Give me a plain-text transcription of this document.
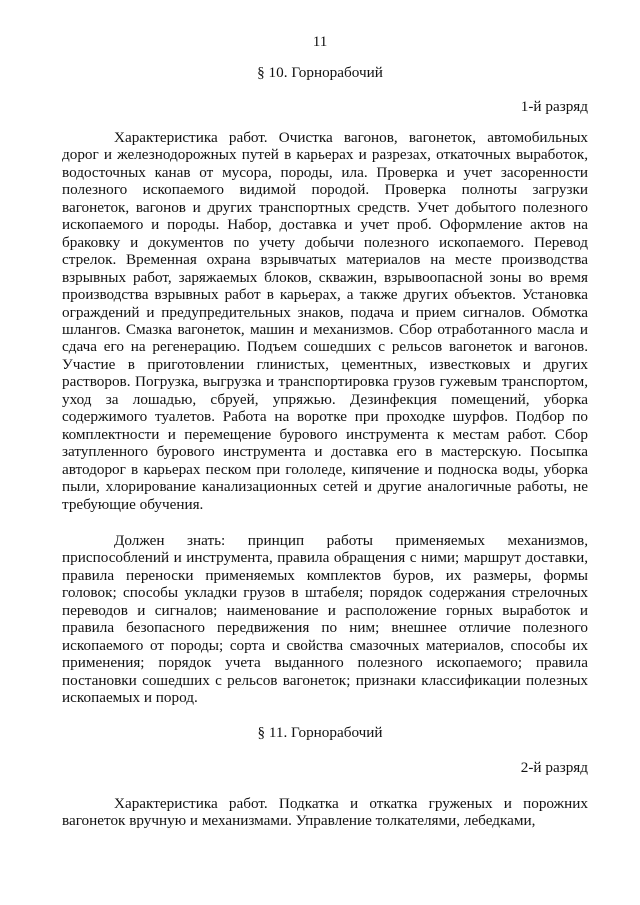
11
§ 10. Горнорабочий
1-й разряд

Характеристика работ. Очистка вагонов, вагонеток, автомобильных дорог и железнодорожных путей в карьерах и разрезах, откаточных выработок, водосточных канав от мусора, породы, ила. Проверка и учет засоренности полезного ископаемого видимой породой. Проверка полноты загрузки вагонеток, вагонов и других транспортных средств. Учет добытого полезного ископаемого и породы. Набор, доставка и учет проб. Оформление актов на браковку и документов по учету добычи полезного ископаемого. Перевод стрелок. Временная охрана взрывчатых материалов на месте производства взрывных работ, заряжаемых блоков, скважин, взрывоопасной зоны во время производства взрывных работ в карьерах, а также других объектов. Установка ограждений и предупредительных знаков, подача и прием сигналов. Обмотка шлангов. Смазка вагонеток, машин и механизмов. Сбор отработанного масла и сдача его на регенерацию. Подъем сошедших с рельсов вагонеток и вагонов. Участие в приготовлении глинистых, цементных, известковых и других растворов. Погрузка, выгрузка и транспортировка грузов гужевым транспортом, уход за лошадью, сбруей, упряжью. Дезинфекция помещений, уборка содержимого туалетов. Работа на воротке при проходке шурфов. Подбор по комплектности и перемещение бурового инструмента к местам работ. Сбор затупленного бурового инструмента и доставка его в мастерскую. Посыпка автодорог в карьерах песком при гололеде, кипячение и подноска воды, уборка пыли, хлорирование канализационных сетей и другие аналогичные работы, не требующие обучения.

Должен знать: принцип работы применяемых механизмов, приспособлений и инструмента, правила обращения с ними; маршрут доставки, правила переноски применяемых комплектов буров, их размеры, формы головок; способы укладки грузов в штабеля; порядок содержания стрелочных переводов и сигналов; наименование и расположение горных выработок и правила безопасного передвижения по ним; внешнее отличие полезного ископаемого от породы; сорта и свойства смазочных материалов, способы их применения; порядок учета выданного полезного ископаемого; правила постановки сошедших с рельсов вагонеток; признаки классификации полезных ископаемых и пород.

§ 11. Горнорабочий
2-й разряд

Характеристика работ. Подкатка и откатка груженых и порожних вагонеток вручную и механизмами. Управление толкателями, лебедками,
